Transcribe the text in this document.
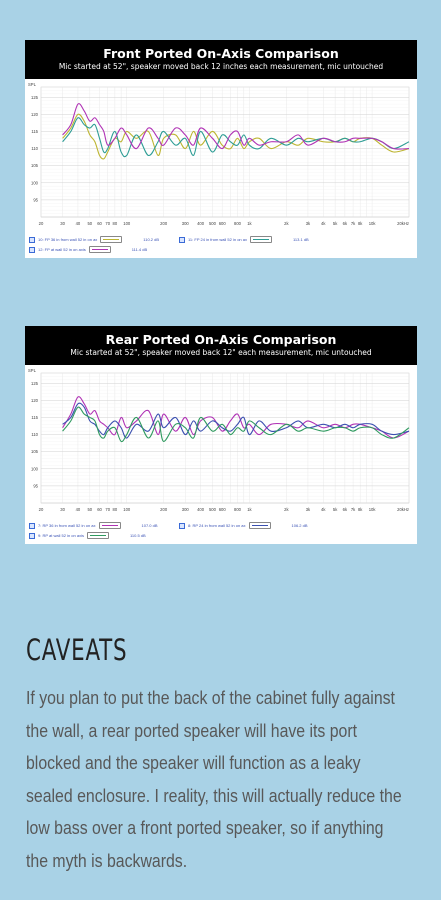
Front Ported On-Axis Comparison
Mic started at 52", speaker moved back 12 inches each measurement, mic untouched
125
120
115
110
105
100
95
SPL
20	30	40 50 60 70 80 100	200	300 400 500 600 800 1k	2k	3k	4k 5k 6k 7k 8k 10k	20kHz
10: FP 36 in from wall 52 in on ax	110.2 dB	11: FP 24 in from wall 52 in on ax	113.1 dB
12: FP at wall 52 in on axis	111.4 dB
Rear Ported On-Axis Comparison
Mic started at 52", speaker moved back 12" each measurement, mic untouched
125
120
115
110
105
100
95
SPL
20	30	40 50 60 70 80 100	200	300 400 500 600 800 1k	2k	3k	4k 5k 6k 7k 8k 10k	20kHz
7: RP 36 in from wall 52 in on ax	107.0 dB	8: RP 24 in from wall 52 in on ax	106.2 dB
9: RP at wall 52 in on axis	110.5 dB
CAVEATS

If you plan to put the back of the cabinet fully against the wall, a rear ported speaker will have its port blocked and the speaker will function as a leaky sealed enclosure. I reality, this will actually reduce the low bass over a front ported speaker, so if anything the myth is backwards.
